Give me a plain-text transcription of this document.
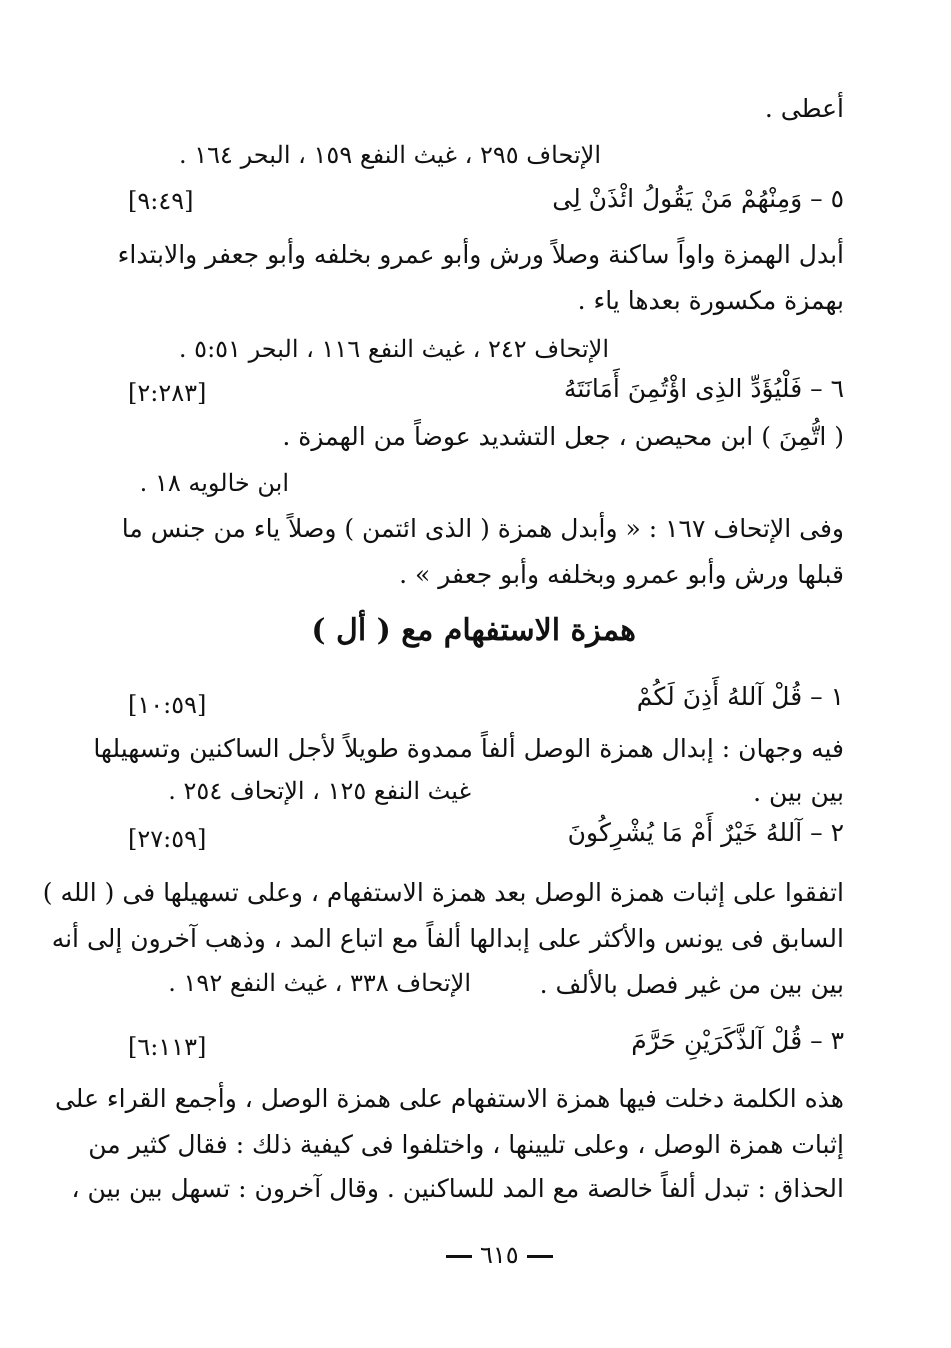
أعطى .
الإتحاف ٢٩٥ ، غيث النفع ١٥٩ ، البحر ١٦٤ .
٥ – وَمِنْهُمْ مَنْ يَقُولُ ائْذَنْ لِى
[٩:٤٩]
أبدل الهمزة واواً ساكنة وصلاً ورش وأبو عمرو بخلفه وأبو جعفر والابتداء
بهمزة مكسورة بعدها ياء .
الإتحاف ٢٤٢ ، غيث النفع ١١٦ ، البحر ٥:٥١ .
٦ – فَلْيُؤَدِّ الذِى اؤْتُمِنَ أَمَانَتَهُ
[٢:٢٨٣]
( اتُّمِنَ ) ابن محيصن ، جعل التشديد عوضاً من الهمزة .
ابن خالويه ١٨ .
وفى الإتحاف ١٦٧ : « وأبدل همزة ( الذى ائتمن ) وصلاً ياء من جنس ما
قبلها ورش وأبو عمرو وبخلفه وأبو جعفر » .
همزة الاستفهام مع ( أل )
١ – قُلْ آللهُ أَذِنَ لَكُمْ
[١٠:٥٩]
فيه وجهان : إبدال همزة الوصل ألفاً ممدوة طويلاً لأجل الساكنين وتسهيلها
بين بين .
غيث النفع ١٢٥ ، الإتحاف ٢٥٤ .
٢ – آللهُ خَيْرٌ أَمْ مَا يُشْرِكُونَ
[٢٧:٥٩]
اتفقوا على إثبات همزة الوصل بعد همزة الاستفهام ، وعلى تسهيلها فى ( الله )
السابق فى يونس والأكثر على إبدالها ألفاً مع اتباع المد ، وذهب آخرون إلى أنه
بين بين من غير فصل بالألف .
الإتحاف ٣٣٨ ، غيث النفع ١٩٢ .
٣ – قُلْ آلذَّكَرَيْنِ حَرَّمَ
[٦:١١٣]
هذه الكلمة دخلت فيها همزة الاستفهام على همزة الوصل ، وأجمع القراء على
إثبات همزة الوصل ، وعلى تليينها ، واختلفوا فى كيفية ذلك : فقال كثير من
الحذاق : تبدل ألفاً خالصة مع المد للساكنين . وقال آخرون : تسهل بين بين ،
٦١٥
